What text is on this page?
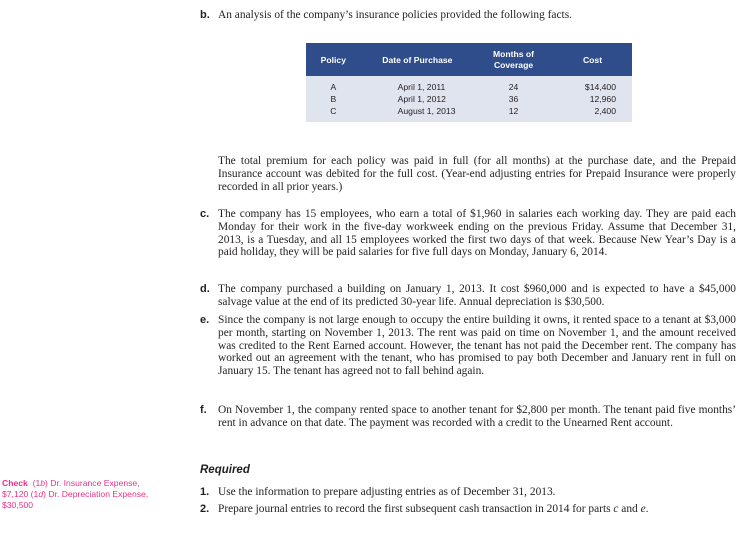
b. An analysis of the company’s insurance policies provided the following facts.
Policy	Date of Purchase	Months of Coverage	Cost
A	April 1, 2011	24	$14,400
B	April 1, 2012	36	12,960
C	August 1, 2013	12	2,400
The total premium for each policy was paid in full (for all months) at the purchase date, and the Prepaid Insurance account was debited for the full cost. (Year-end adjusting entries for Prepaid Insurance were properly recorded in all prior years.)
c. The company has 15 employees, who earn a total of $1,960 in salaries each working day. They are paid each Monday for their work in the five-day workweek ending on the previous Friday. Assume that December 31, 2013, is a Tuesday, and all 15 employees worked the first two days of that week. Because New Year’s Day is a paid holiday, they will be paid salaries for five full days on Monday, January 6, 2014.
d. The company purchased a building on January 1, 2013. It cost $960,000 and is expected to have a $45,000 salvage value at the end of its predicted 30-year life. Annual depreciation is $30,500.
e. Since the company is not large enough to occupy the entire building it owns, it rented space to a tenant at $3,000 per month, starting on November 1, 2013. The rent was paid on time on November 1, and the amount received was credited to the Rent Earned account. However, the tenant has not paid the December rent. The company has worked out an agreement with the tenant, who has promised to pay both December and January rent in full on January 15. The tenant has agreed not to fall behind again.
f. On November 1, the company rented space to another tenant for $2,800 per month. The tenant paid five months’ rent in advance on that date. The payment was recorded with a credit to the Unearned Rent account.
Required
1. Use the information to prepare adjusting entries as of December 31, 2013.
2. Prepare journal entries to record the first subsequent cash transaction in 2014 for parts c and e.
Check (1b) Dr. Insurance Expense,
$7,120 (1d) Dr. Depreciation Expense,
$30,500
